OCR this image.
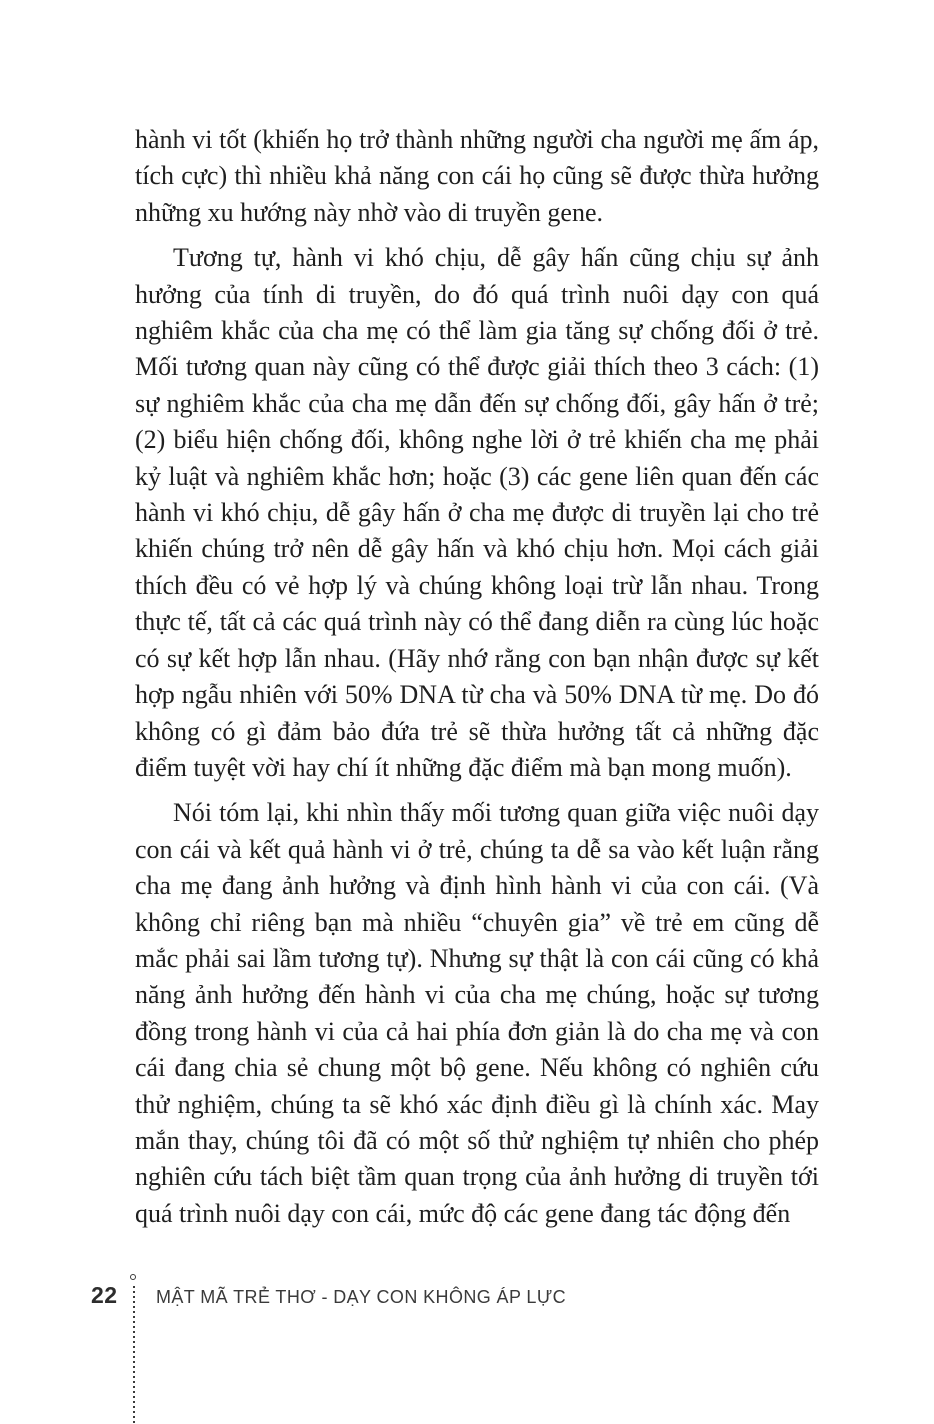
hành vi tốt (khiến họ trở thành những người cha người mẹ ấm áp, tích cực) thì nhiều khả năng con cái họ cũng sẽ được thừa hưởng những xu hướng này nhờ vào di truyền gene.

Tương tự, hành vi khó chịu, dễ gây hấn cũng chịu sự ảnh hưởng của tính di truyền, do đó quá trình nuôi dạy con quá nghiêm khắc của cha mẹ có thể làm gia tăng sự chống đối ở trẻ. Mối tương quan này cũng có thể được giải thích theo 3 cách: (1) sự nghiêm khắc của cha mẹ dẫn đến sự chống đối, gây hấn ở trẻ; (2) biểu hiện chống đối, không nghe lời ở trẻ khiến cha mẹ phải kỷ luật và nghiêm khắc hơn; hoặc (3) các gene liên quan đến các hành vi khó chịu, dễ gây hấn ở cha mẹ được di truyền lại cho trẻ khiến chúng trở nên dễ gây hấn và khó chịu hơn. Mọi cách giải thích đều có vẻ hợp lý và chúng không loại trừ lẫn nhau. Trong thực tế, tất cả các quá trình này có thể đang diễn ra cùng lúc hoặc có sự kết hợp lẫn nhau. (Hãy nhớ rằng con bạn nhận được sự kết hợp ngẫu nhiên với 50% DNA từ cha và 50% DNA từ mẹ. Do đó không có gì đảm bảo đứa trẻ sẽ thừa hưởng tất cả những đặc điểm tuyệt vời hay chí ít những đặc điểm mà bạn mong muốn).

Nói tóm lại, khi nhìn thấy mối tương quan giữa việc nuôi dạy con cái và kết quả hành vi ở trẻ, chúng ta dễ sa vào kết luận rằng cha mẹ đang ảnh hưởng và định hình hành vi của con cái. (Và không chỉ riêng bạn mà nhiều “chuyên gia” về trẻ em cũng dễ mắc phải sai lầm tương tự). Nhưng sự thật là con cái cũng có khả năng ảnh hưởng đến hành vi của cha mẹ chúng, hoặc sự tương đồng trong hành vi của cả hai phía đơn giản là do cha mẹ và con cái đang chia sẻ chung một bộ gene. Nếu không có nghiên cứu thử nghiệm, chúng ta sẽ khó xác định điều gì là chính xác. May mắn thay, chúng tôi đã có một số thử nghiệm tự nhiên cho phép nghiên cứu tách biệt tầm quan trọng của ảnh hưởng di truyền tới quá trình nuôi dạy con cái, mức độ các gene đang tác động đến

22 MẬT MÃ TRẺ THƠ - DẠY CON KHÔNG ÁP LỰC
